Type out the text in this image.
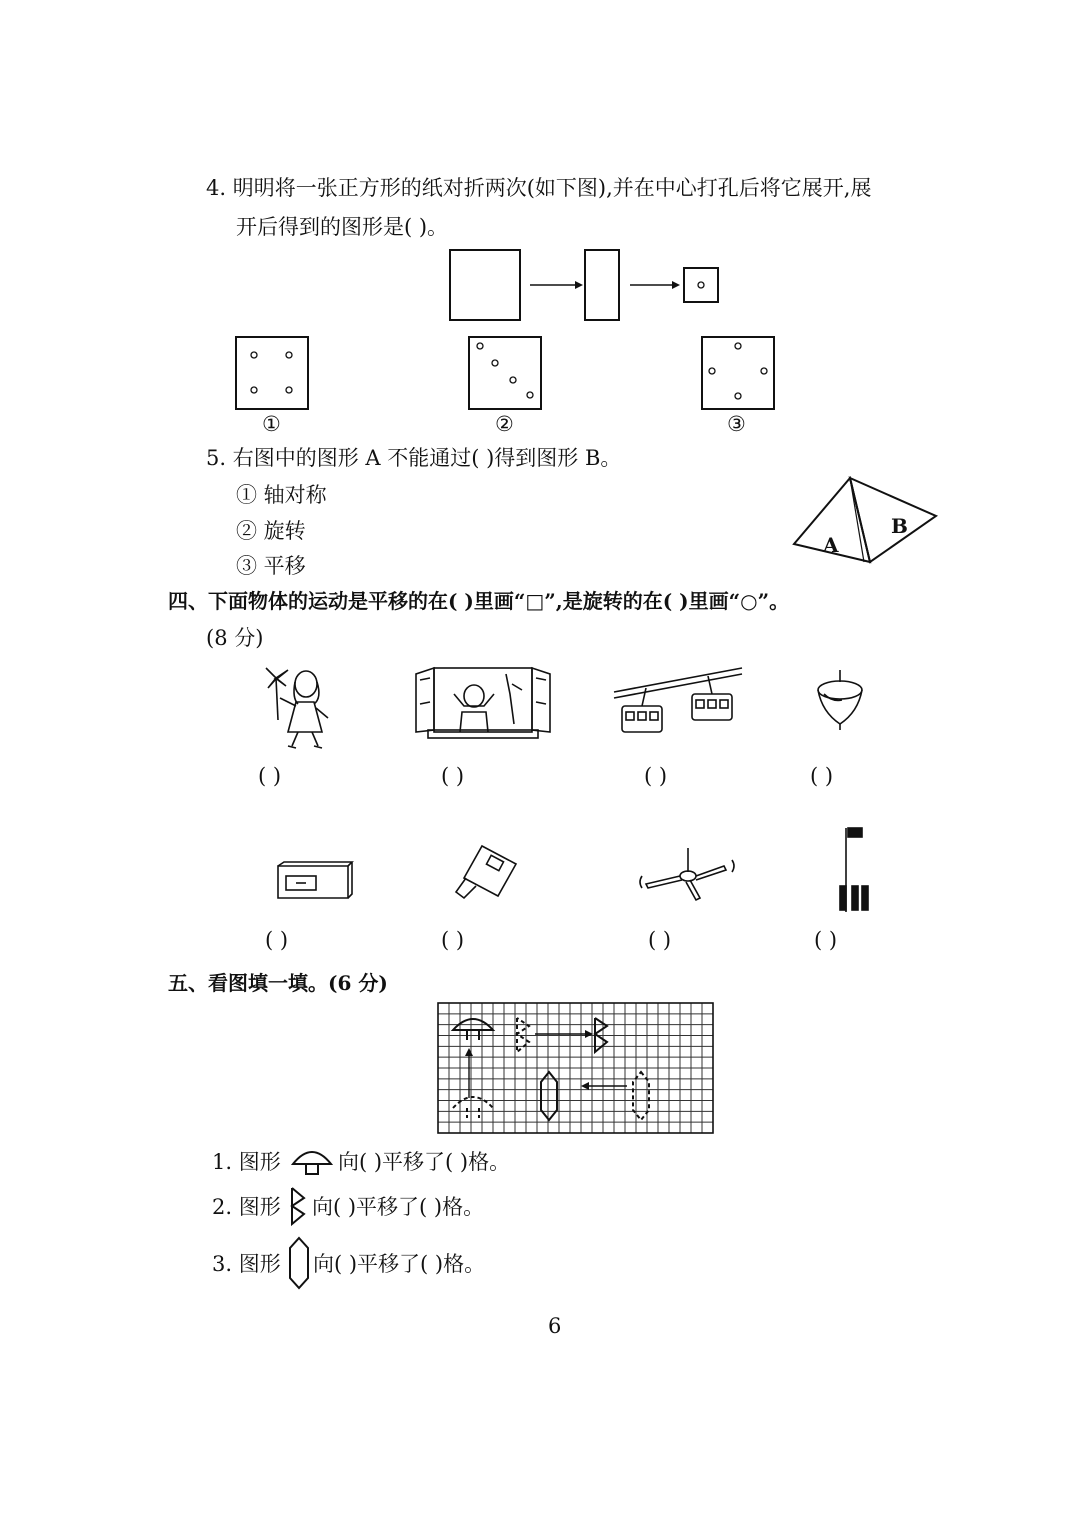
4. 明明将一张正方形的纸对折两次(如下图),并在中心打孔后将它展开,展
开后得到的图形是( )。
①	②	③
5. 右图中的图形 A 不能通过( )得到图形 B。
① 轴对称
② 旋转
③ 平移
A
B
四、下面物体的运动是平移的在( )里画“□”,是旋转的在( )里画“○”。
(8 分)
( )	( )	( )	( )
( )	( )	( )	( )
五、看图填一填。(6 分)
1. 图形	向( )平移了( )格。
2. 图形 向( )平移了( )格。
3. 图形 向( )平移了( )格。
6
